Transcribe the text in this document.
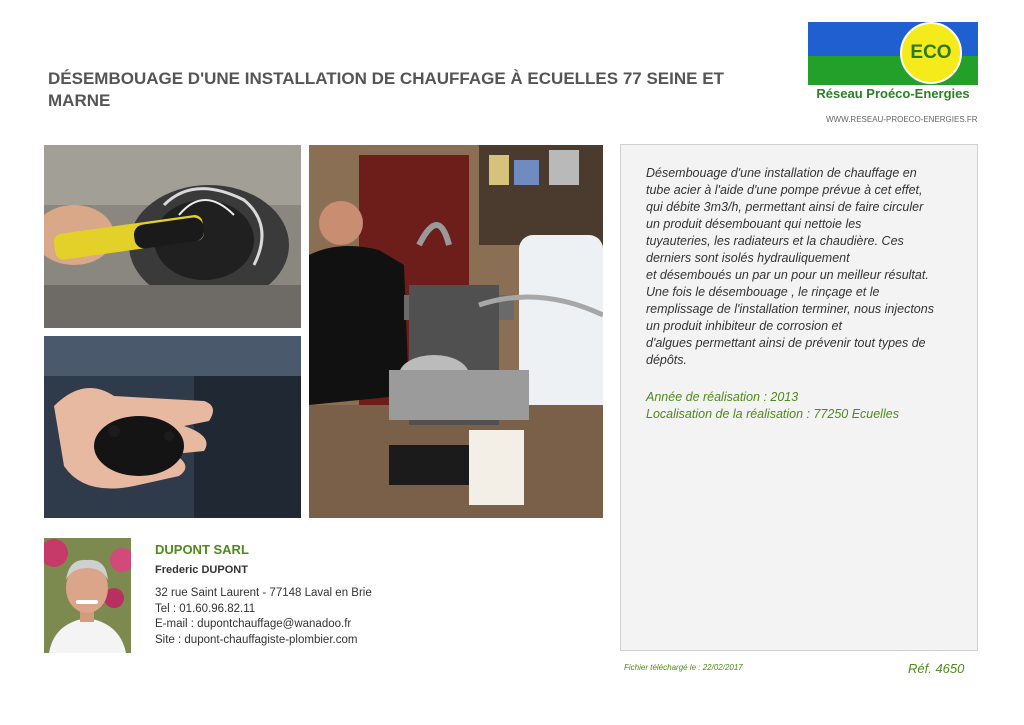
DÉSEMBOUAGE D'UNE INSTALLATION DE CHAUFFAGE À ECUELLES 77 SEINE ET MARNE
ECO
Réseau Proéco-Energies
WWW.RESEAU-PROECO-ENERGIES.FR

Désembouage d'une installation de chauffage en

tube acier à l'aide d'une pompe prévue à cet effet,

qui débite 3m3/h, permettant ainsi de faire circuler

un produit désembouant qui nettoie les

tuyauteries, les radiateurs et la chaudière. Ces

derniers sont isolés hydrauliquement

et désemboués un par un pour un meilleur résultat.

Une fois le désembouage , le rinçage et le

remplissage de l'installation terminer, nous injectons

un produit inhibiteur de corrosion et

d'algues permettant ainsi de prévenir tout types de

dépôts.

Année de réalisation : 2013

Localisation de la réalisation : 77250 Ecuelles

DUPONT SARL
Frederic DUPONT
32 rue Saint Laurent - 77148 Laval en Brie
Tel : 01.60.96.82.11
E-mail : dupontchauffage@wanadoo.fr
Site : dupont-chauffagiste-plombier.com
Fichier téléchargé le : 22/02/2017	Réf. 4650
